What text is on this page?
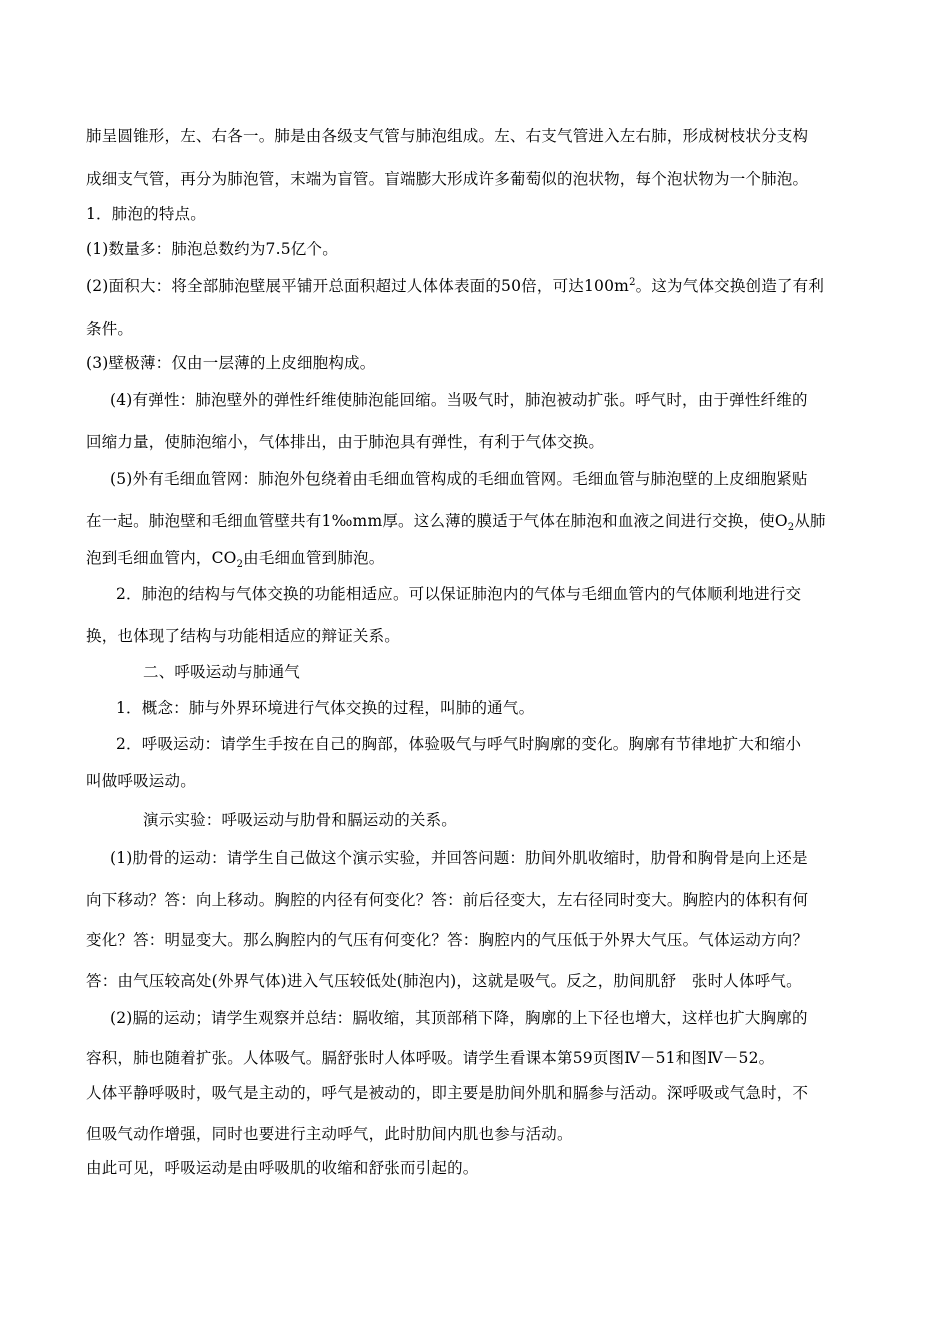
肺呈圆锥形，左、右各一。肺是由各级支气管与肺泡组成。左、右支气管进入左右肺，形成树枝状分支构
成细支气管，再分为肺泡管，末端为盲管。盲端膨大形成许多葡萄似的泡状物，每个泡状物为一个肺泡。
1．肺泡的特点。
(1)数量多：肺泡总数约为7.5亿个。
(2)面积大：将全部肺泡壁展平铺开总面积超过人体体表面的50倍，可达$100m^2$。这为气体交换创造了有利
条件。
(3)壁极薄：仅由一层薄的上皮细胞构成。
(4)有弹性：肺泡壁外的弹性纤维使肺泡能回缩。当吸气时，肺泡被动扩张。呼气时，由于弹性纤维的
回缩力量，使肺泡缩小，气体排出，由于肺泡具有弹性，有利于气体交换。
(5)外有毛细血管网：肺泡外包绕着由毛细血管构成的毛细血管网。毛细血管与肺泡壁的上皮细胞紧贴
在一起。肺泡壁和毛细血管壁共有1‰mm厚。这么薄的膜适于气体在肺泡和血液之间进行交换，使$O_2$从肺
泡到毛细血管内，$CO_2$由毛细血管到肺泡。
2．肺泡的结构与气体交换的功能相适应。可以保证肺泡内的气体与毛细血管内的气体顺利地进行交
换，也体现了结构与功能相适应的辩证关系。
二、呼吸运动与肺通气
1．概念：肺与外界环境进行气体交换的过程，叫肺的通气。
2．呼吸运动：请学生手按在自己的胸部，体验吸气与呼气时胸廓的变化。胸廓有节律地扩大和缩小
叫做呼吸运动。
演示实验：呼吸运动与肋骨和膈运动的关系。
(1)肋骨的运动：请学生自己做这个演示实验，并回答问题：肋间外肌收缩时，肋骨和胸骨是向上还是
向下移动？答：向上移动。胸腔的内径有何变化？答：前后径变大，左右径同时变大。胸腔内的体积有何
变化？答：明显变大。那么胸腔内的气压有何变化？答：胸腔内的气压低于外界大气压。气体运动方向？
答：由气压较高处(外界气体)进入气压较低处(肺泡内)，这就是吸气。反之，肋间肌舒　张时人体呼气。
(2)膈的运动；请学生观察并总结：膈收缩，其顶部稍下降，胸廓的上下径也增大，这样也扩大胸廓的
容积，肺也随着扩张。人体吸气。膈舒张时人体呼吸。请学生看课本第59页图Ⅳ－51和图Ⅳ－52。
人体平静呼吸时，吸气是主动的，呼气是被动的，即主要是肋间外肌和膈参与活动。深呼吸或气急时，不
但吸气动作增强，同时也要进行主动呼气，此时肋间内肌也参与活动。
由此可见，呼吸运动是由呼吸肌的收缩和舒张而引起的。
